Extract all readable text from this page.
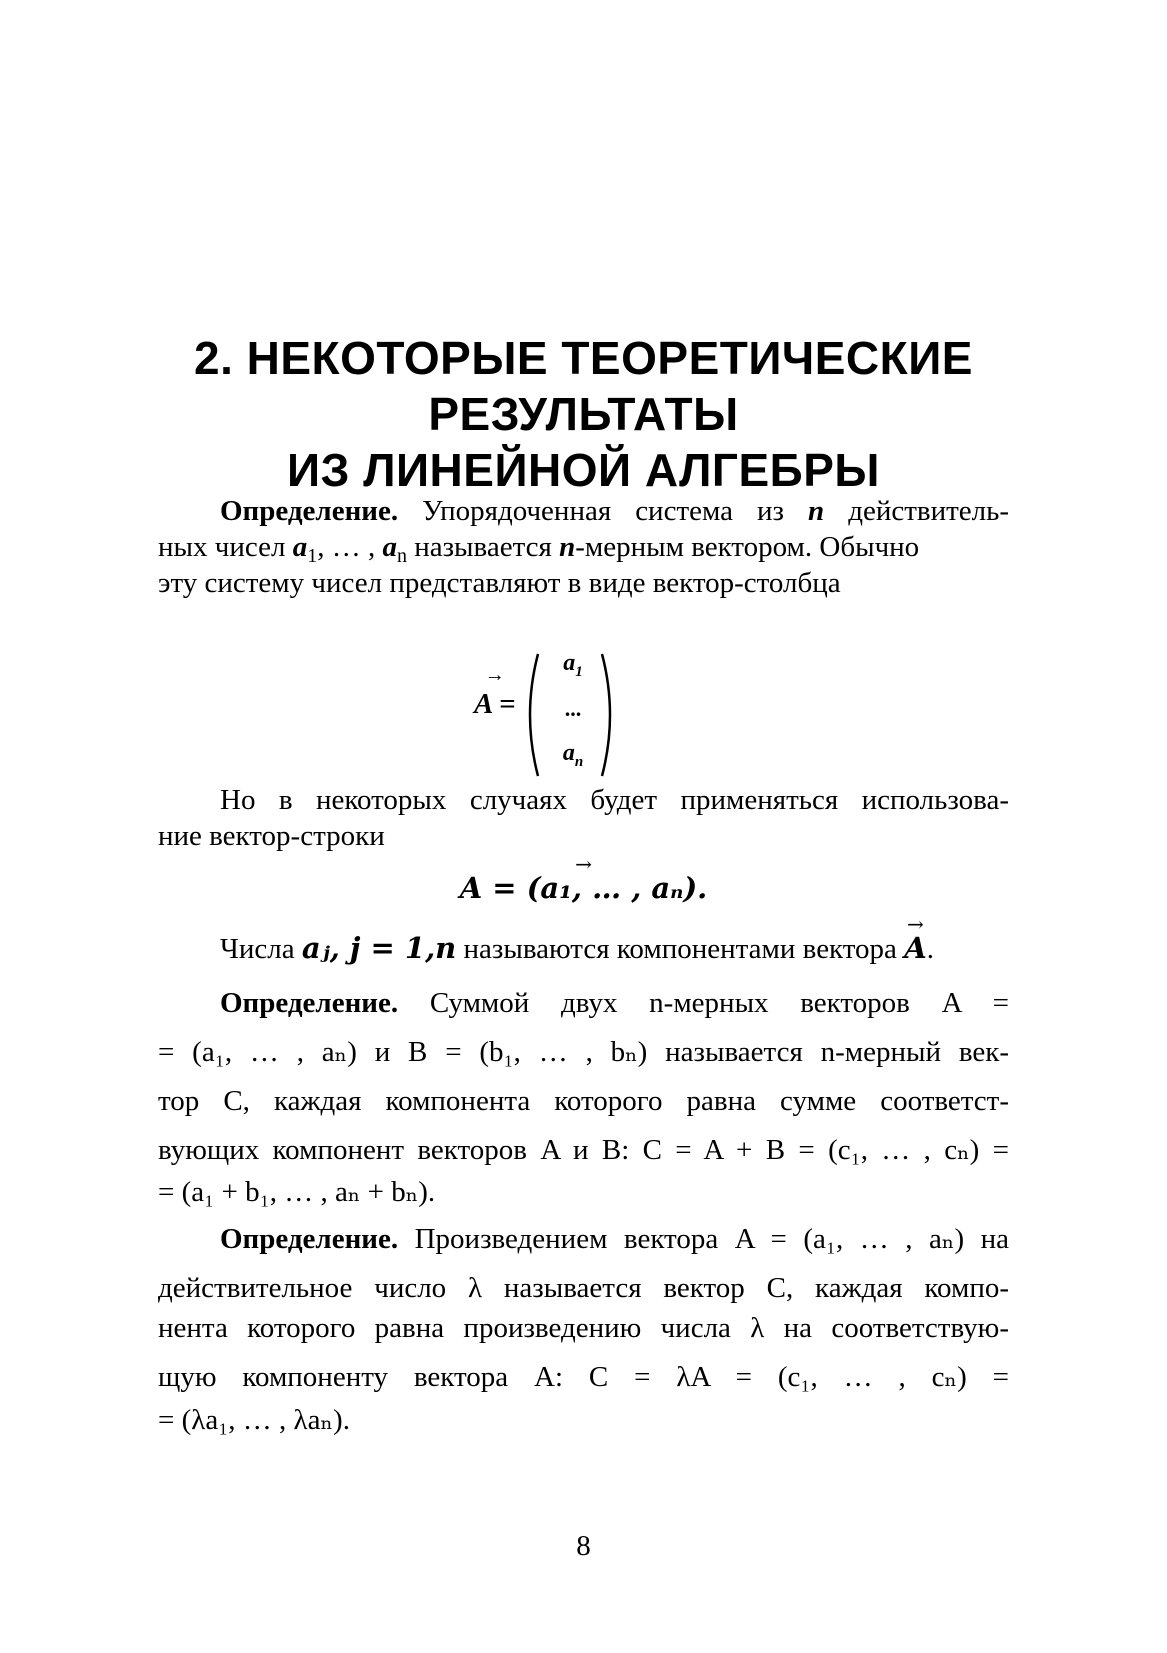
2. НЕКОТОРЫЕ ТЕОРЕТИЧЕСКИЕ
РЕЗУЛЬТАТЫ
ИЗ ЛИНЕЙНОЙ АЛГЕБРЫ
Определение. Упорядоченная система из n действитель-
ных чисел $a_1$, … , $a_n$ называется n-мерным вектором. Обычно
эту систему чисел представляют в виде вектор-столбца
→ A =
$a_1$
...
$a_n$
Но в некоторых случаях будет применяться использова-
ние вектор-строки
→ A = (a₁, … , aₙ).
Числа aⱼ, j = 1,n называются компонентами вектора → A.
Определение. Суммой двух n-мерных векторов A =
= (a₁, … , aₙ) и B = (b₁, … , bₙ) называется n-мерный век-
тор C, каждая компонента которого равна сумме соответст-
вующих компонент векторов A и B: C = A + B = (c₁, … , cₙ) =
= (a₁ + b₁, … , aₙ + bₙ).
Определение. Произведением вектора A = (a₁, … , aₙ) на
действительное число λ называется вектор C, каждая компо-
нента которого равна произведению числа λ на соответствую-
щую компоненту вектора A: C = λA = (c₁, … , cₙ) =
= (λa₁, … , λaₙ).
8
